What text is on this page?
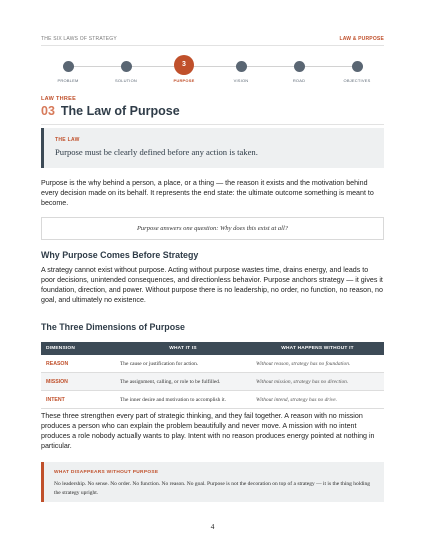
THE SIX LAWS OF STRATEGY	LAW & PURPOSE
PROBLEM	SOLUTION
3
PURPOSE	VISION	ROAD	OBJECTIVES
LAW THREE
03 The Law of Purpose
THE LAW
Purpose must be clearly defined before any action is taken.
Purpose is the why behind a person, a place, or a thing — the reason it exists and the motivation behind every decision made on its behalf. It represents the end state: the ultimate outcome something is meant to become.
Purpose answers one question: Why does this exist at all?
Why Purpose Comes Before Strategy
A strategy cannot exist without purpose. Acting without purpose wastes time, drains energy, and leads to poor decisions, unintended consequences, and directionless behavior. Purpose anchors strategy — it gives it foundation, direction, and power. Without purpose there is no leadership, no order, no function, no reason, no goal, and ultimately no existence.
The Three Dimensions of Purpose
DIMENSION	WHAT IT IS	WHAT HAPPENS WITHOUT IT
REASON	The cause or justification for action.	Without reason, strategy has no foundation.
MISSION	The assignment, calling, or role to be fulfilled.	Without mission, strategy has no direction.
INTENT	The inner desire and motivation to accomplish it.	Without intend, strategy has no drive.
These three strengthen every part of strategic thinking, and they fail together. A reason with no mission produces a person who can explain the problem beautifully and never move. A mission with no intent produces a role nobody actually wants to play. Intent with no reason produces energy pointed at nothing in particular.
WHAT DISAPPEARS WITHOUT PURPOSE
No leadership. No sense. No order. No function. No reason. No goal. Purpose is not the decoration on top of a strategy — it is the thing holding the strategy upright.
4
